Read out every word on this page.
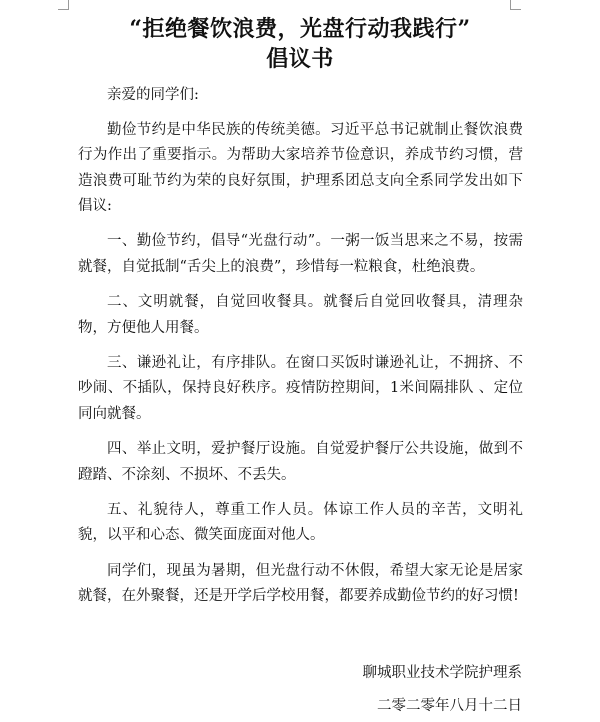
“拒绝餐饮浪费，光盘行动我践行”
倡议书

亲爱的同学们:

勤俭节约是中华民族的传统美德。习近平总书记就制止餐饮浪费行为作出了重要指示。为帮助大家培养节俭意识，养成节约习惯，营造浪费可耻节约为荣的良好氛围，护理系团总支向全系同学发出如下倡议:

一、勤俭节约，倡导“光盘行动”。一粥一饭当思来之不易，按需就餐，自觉抵制“舌尖上的浪费”，珍惜每一粒粮食，杜绝浪费。

二、文明就餐，自觉回收餐具。就餐后自觉回收餐具，清理杂物，方便他人用餐。

三、谦逊礼让，有序排队。在窗口买饭时谦逊礼让，不拥挤、不吵闹、不插队，保持良好秩序。疫情防控期间，1米间隔排队 、定位同向就餐。

四、举止文明，爱护餐厅设施。自觉爱护餐厅公共设施，做到不蹬踏、不涂刻、不损坏、不丢失。

五、礼貌待人，尊重工作人员。体谅工作人员的辛苦，文明礼貌，以平和心态、微笑面庞面对他人。

同学们，现虽为暑期，但光盘行动不休假，希望大家无论是居家就餐，在外聚餐，还是开学后学校用餐，都要养成勤俭节约的好习惯!

聊城职业技术学院护理系
二零二零年八月十二日
